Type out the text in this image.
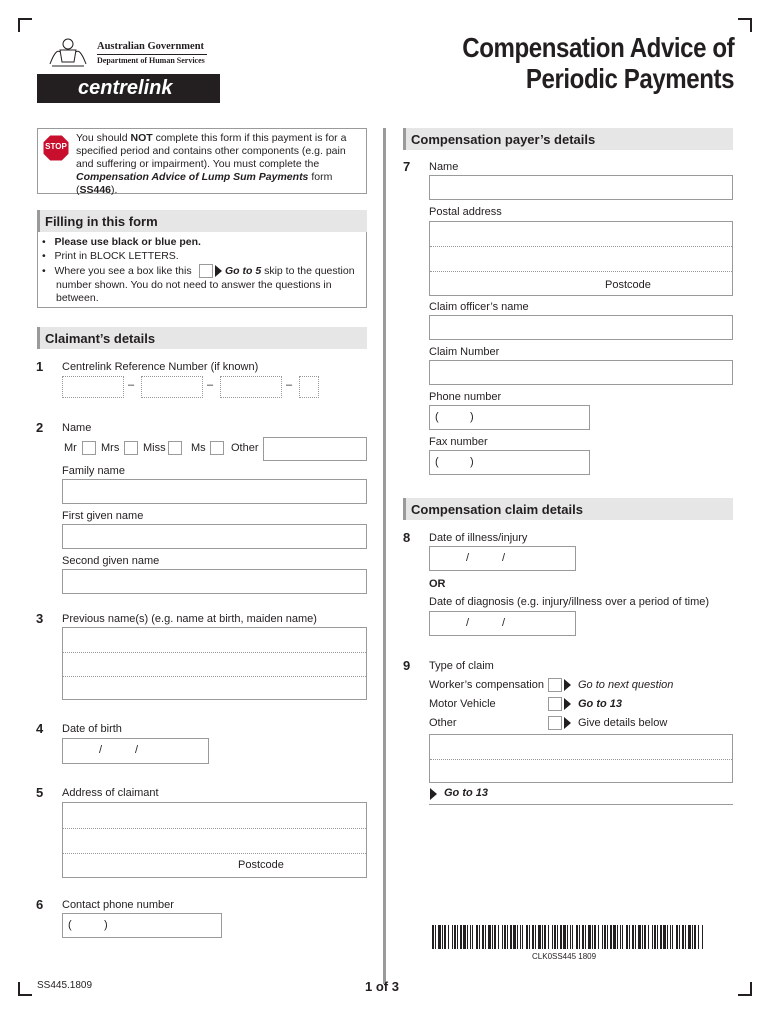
Australian Government
Department of Human Services
centrelink
Compensation Advice of
Periodic Payments
STOP
You should NOT complete this form if this payment is for a
specified period and contains other components (e.g. pain
and suffering or impairment). You must complete the
Compensation Advice of Lump Sum Payments form (SS446).
Filling in this form
•   Please use black or blue pen.
•   Print in BLOCK LETTERS.
•   Where you see a box like this	Go to 5 skip to the question
number shown. You do not need to answer the questions in
between.
Claimant’s details
1 Centrelink Reference Number (if known)
–	–	–
2 Name
Mr Mrs Miss Ms Other
Family name
First given name
Second given name
3 Previous name(s) (e.g. name at birth, maiden name)
4 Date of birth
/	/
5 Address of claimant
Postcode
6 Contact phone number
(	)
Compensation payer’s details
7 Name
Postal address
Postcode
Claim officer’s name
Claim Number
Phone number
(	)
Fax number
(	)
Compensation claim details
8 Date of illness/injury
/	/
OR
Date of diagnosis (e.g. injury/illness over a period of time)
/	/
9 Type of claim
Worker’s compensation	Go to next question
Motor Vehicle	Go to 13
Other	Give details below
Go to 13
CLK0SS445 1809
SS445.1809	1 of 3
